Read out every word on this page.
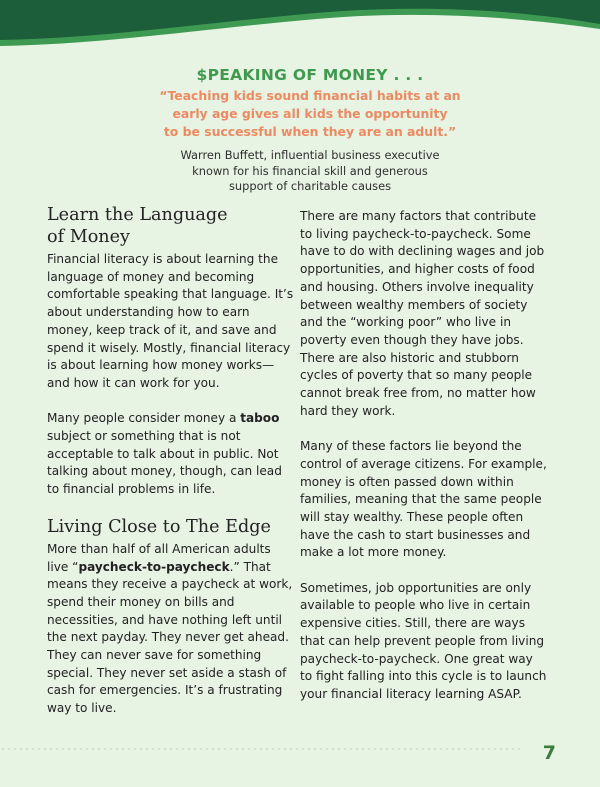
$PEAKING OF MONEY . . .
“Teaching kids sound financial habits at an
early age gives all kids the opportunity
to be successful when they are an adult.”
Warren Buffett, influential business executive
known for his financial skill and generous
support of charitable causes
Learn the Language
of Money

Financial literacy is about learning the language of money and becoming comfortable speaking that language. It’s about understanding how to earn money, keep track of it, and save and spend it wisely. Mostly, financial literacy is about learning how money works—and how it can work for you.

Many people consider money a taboo subject or something that is not acceptable to talk about in public. Not talking about money, though, can lead to financial problems in life.

Living Close to The Edge

More than half of all American adults live “paycheck-to-paycheck.” That means they receive a paycheck at work, spend their money on bills and necessities, and have nothing left until the next payday. They never get ahead. They can never save for something special. They never set aside a stash of cash for emergencies. It’s a frustrating way to live.

There are many factors that contribute to living paycheck-to-paycheck. Some have to do with declining wages and job opportunities, and higher costs of food and housing. Others involve inequality between wealthy members of society and the “working poor” who live in poverty even though they have jobs. There are also historic and stubborn cycles of poverty that so many people cannot break free from, no matter how hard they work.

Many of these factors lie beyond the control of average citizens. For example, money is often passed down within families, meaning that the same people will stay wealthy. These people often have the cash to start businesses and make a lot more money.

Sometimes, job opportunities are only available to people who live in certain expensive cities. Still, there are ways that can help prevent people from living paycheck-to-paycheck. One great way to fight falling into this cycle is to launch your financial literacy learning ASAP.

7
